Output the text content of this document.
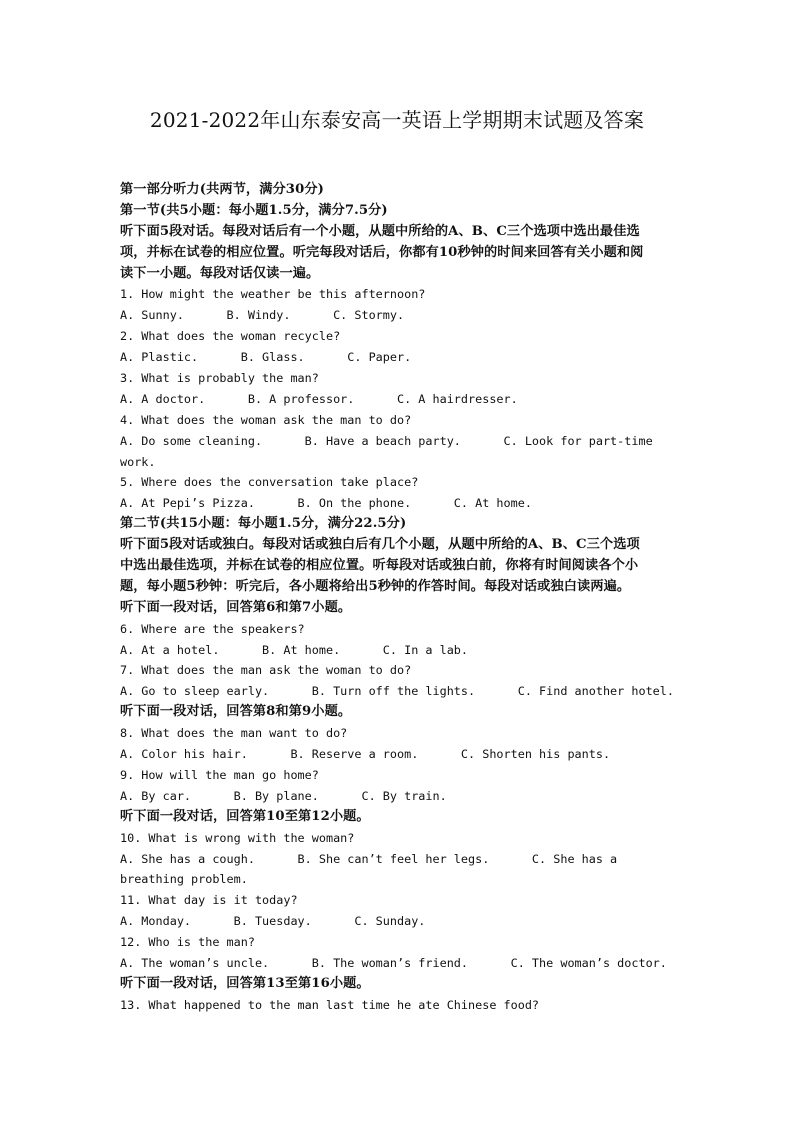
2021-2022年山东泰安高一英语上学期期末试题及答案
第一部分听力(共两节，满分30分)
第一节(共5小题：每小题1.5分，满分7.5分)
听下面5段对话。每段对话后有一个小题，从题中所给的A、B、C三个选项中选出最佳选
项，并标在试卷的相应位置。听完每段对话后，你都有10秒钟的时间来回答有关小题和阅
读下一小题。每段对话仅读一遍。
1. How might the weather be this afternoon?
A. Sunny.      B. Windy.      C. Stormy.
2. What does the woman recycle?
A. Plastic.      B. Glass.      C. Paper.
3. What is probably the man?
A. A doctor.      B. A professor.      C. A hairdresser.
4. What does the woman ask the man to do?
A. Do some cleaning.      B. Have a beach party.      C. Look for part-time
work.
5. Where does the conversation take place?
A. At Pepi’s Pizza.      B. On the phone.      C. At home.
第二节(共15小题：每小题1.5分，满分22.5分)
听下面5段对话或独白。每段对话或独白后有几个小题，从题中所给的A、B、C三个选项
中选出最佳选项，并标在试卷的相应位置。听每段对话或独白前，你将有时间阅读各个小
题，每小题5秒钟：听完后，各小题将给出5秒钟的作答时间。每段对话或独白读两遍。
听下面一段对话，回答第6和第7小题。
6. Where are the speakers?
A. At a hotel.      B. At home.      C. In a lab.
7. What does the man ask the woman to do?
A. Go to sleep early.      B. Turn off the lights.      C. Find another hotel.
听下面一段对话，回答第8和第9小题。
8. What does the man want to do?
A. Color his hair.      B. Reserve a room.      C. Shorten his pants.
9. How will the man go home?
A. By car.      B. By plane.      C. By train.
听下面一段对话，回答第10至第12小题。
10. What is wrong with the woman?
A. She has a cough.      B. She can’t feel her legs.      C. She has a
breathing problem.
11. What day is it today?
A. Monday.      B. Tuesday.      C. Sunday.
12. Who is the man?
A. The woman’s uncle.      B. The woman’s friend.      C. The woman’s doctor.
听下面一段对话，回答第13至第16小题。
13. What happened to the man last time he ate Chinese food?
